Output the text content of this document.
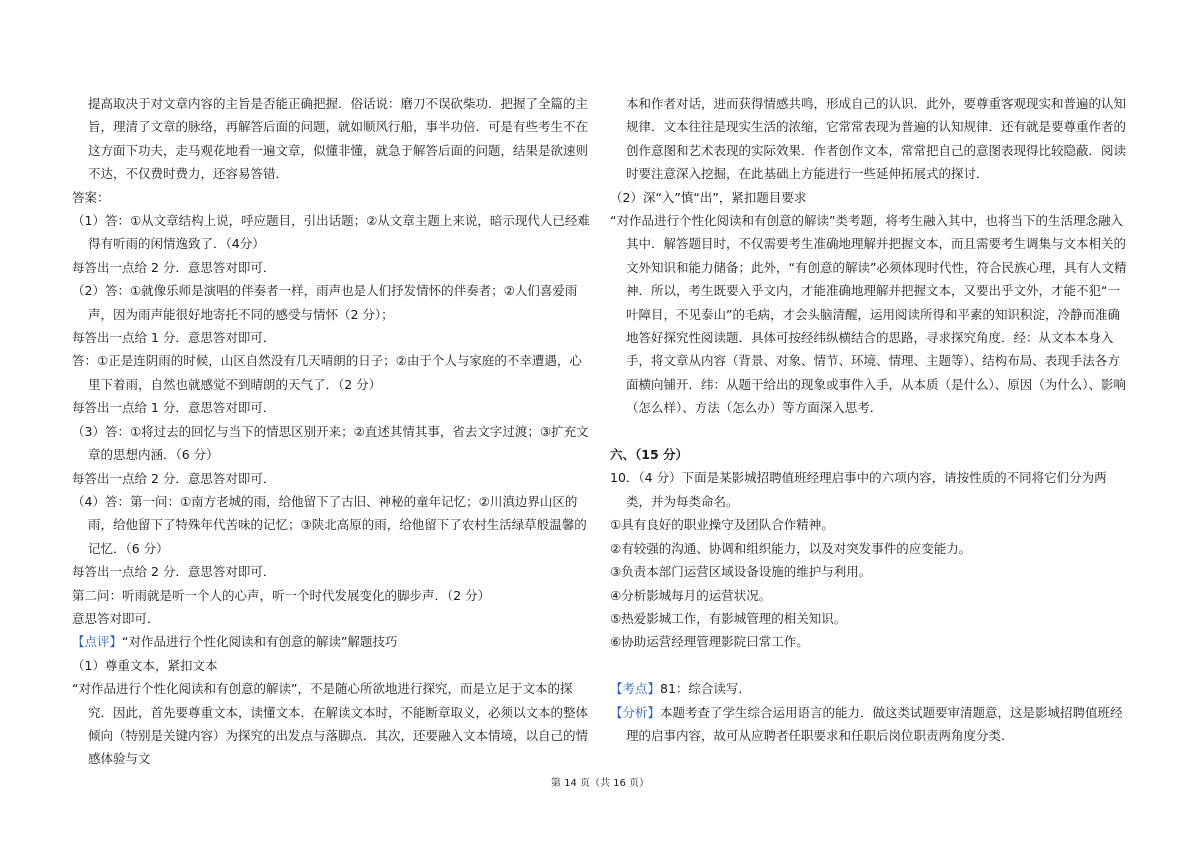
提高取决于对文章内容的主旨是否能正确把握．俗话说：磨刀不误砍柴功．把握了全篇的主旨，理清了文章的脉络，再解答后面的问题，就如顺风行船，事半功倍．可是有些考生不在这方面下功夫，走马观花地看一遍文章，似懂非懂，就急于解答后面的问题，结果是欲速则不达，不仅费时费力，还容易答错．

答案：

（1）答：①从文章结构上说，呼应题目，引出话题；②从文章主题上来说，暗示现代人已经难得有听雨的闲情逸致了．（4分）

每答出一点给 2 分．意思答对即可．

（2）答：①就像乐师是演唱的伴奏者一样，雨声也是人们抒发情怀的伴奏者；②人们喜爱雨声，因为雨声能很好地寄托不同的感受与情怀（2 分）；

每答出一点给 1 分．意思答对即可．

答：①正是连阴雨的时候，山区自然没有几天晴朗的日子；②由于个人与家庭的不幸遭遇，心里下着雨，自然也就感觉不到晴朗的天气了．（2 分）

每答出一点给 1 分．意思答对即可．

（3）答：①将过去的回忆与当下的情思区别开来；②直述其情其事，省去文字过渡；③扩充文章的思想内涵．（6 分）

每答出一点给 2 分．意思答对即可．

（4）答：第一问：①南方老城的雨，给他留下了古旧、神秘的童年记忆；②川滇边界山区的雨，给他留下了特殊年代苦味的记忆；③陕北高原的雨，给他留下了农村生活绿草般温馨的记忆．（6 分）

每答出一点给 2 分．意思答对即可．

第二问：听雨就是听一个人的心声，听一个时代发展变化的脚步声．（2 分）

意思答对即可．

【点评】“对作品进行个性化阅读和有创意的解读”解题技巧

（1）尊重文本，紧扣文本

“对作品进行个性化阅读和有创意的解读”，不是随心所欲地进行探究，而是立足于文本的探究．因此，首先要尊重文本，读懂文本．在解读文本时，不能断章取义，必须以文本的整体倾向（特别是关键内容）为探究的出发点与落脚点．其次，还要融入文本情境，以自己的情感体验与文

本和作者对话，进而获得情感共鸣，形成自己的认识．此外，要尊重客观现实和普遍的认知规律．文本往往是现实生活的浓缩，它常常表现为普遍的认知规律．还有就是要尊重作者的创作意图和艺术表现的实际效果．作者创作文本，常常把自己的意图表现得比较隐蔽．阅读时要注意深入挖掘，在此基础上方能进行一些延伸拓展式的探讨．

（2）深“入”慎“出”，紧扣题目要求

“对作品进行个性化阅读和有创意的解读”类考题，将考生融入其中，也将当下的生活理念融入其中．解答题目时，不仅需要考生准确地理解并把握文本，而且需要考生调集与文本相关的文外知识和能力储备；此外，“有创意的解读”必须体现时代性，符合民族心理，具有人文精神．所以，考生既要入乎文内，才能准确地理解并把握文本，又要出乎文外，才能不犯“一叶障目，不见泰山”的毛病，才会头脑清醒，运用阅读所得和平素的知识积淀，冷静而准确地答好探究性阅读题．具体可按经纬纵横结合的思路，寻求探究角度．经：从文本本身入手，将文章从内容（背景、对象、情节、环境、情理、主题等）、结构布局、表现手法各方面横向铺开．纬：从题干给出的现象或事件入手，从本质（是什么）、原因（为什么）、影响（怎么样）、方法（怎么办）等方面深入思考．

六、（15 分）

10．（4 分）下面是某影城招聘值班经理启事中的六项内容，请按性质的不同将它们分为两类，并为每类命名。

①具有良好的职业操守及团队合作精神。

②有较强的沟通、协调和组织能力，以及对突发事件的应变能力。

③负责本部门运营区域设备设施的维护与利用。

④分析影城每月的运营状况。

⑤热爱影城工作，有影城管理的相关知识。

⑥协助运营经理管理影院曰常工作。

【考点】81：综合读写．

【分析】本题考查了学生综合运用语言的能力．做这类试题要审清题意，这是影城招聘值班经理的启事内容，故可从应聘者任职要求和任职后岗位职责两角度分类．

第 14 页（共 16 页）
